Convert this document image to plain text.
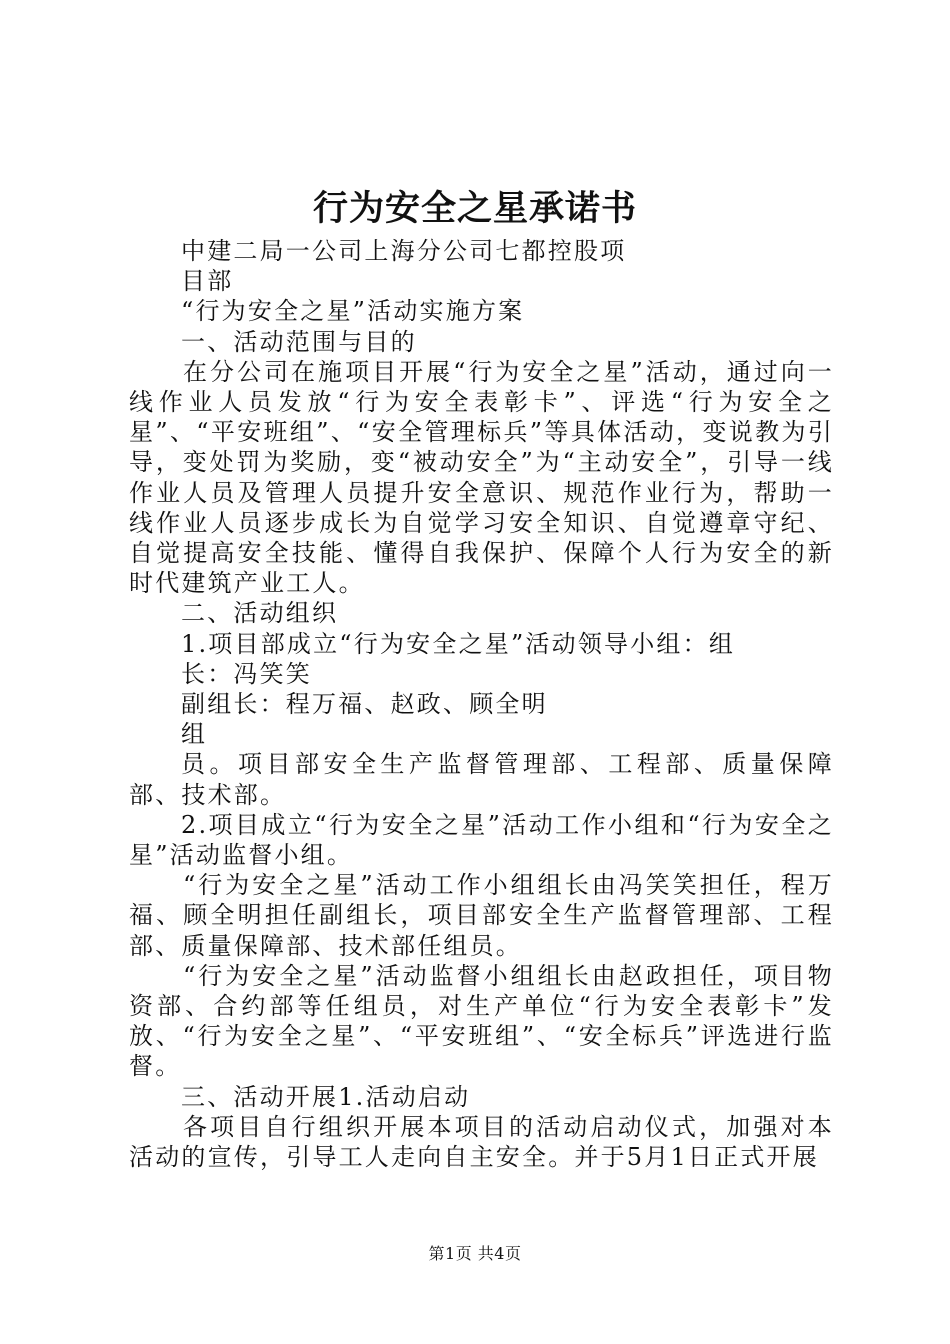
行为安全之星承诺书

中建二局一公司上海分公司七都控股项

目部

“行为安全之星”活动实施方案

一、活动范围与目的

在分公司在施项目开展“行为安全之星”活动，通过向一线作业人员发放“行为安全表彰卡”、评选“行为安全之星”、“平安班组”、“安全管理标兵”等具体活动，变说教为引导，变处罚为奖励，变“被动安全”为“主动安全”，引导一线作业人员及管理人员提升安全意识、规范作业行为，帮助一线作业人员逐步成长为自觉学习安全知识、自觉遵章守纪、自觉提高安全技能、懂得自我保护、保障个人行为安全的新时代建筑产业工人。

二、活动组织

1.项目部成立“行为安全之星”活动领导小组：组

长：冯笑笑

副组长：程万福、赵政、顾全明

组

员。项目部安全生产监督管理部、工程部、质量保障部、技术部。

2.项目成立“行为安全之星”活动工作小组和“行为安全之星”活动监督小组。

“行为安全之星”活动工作小组组长由冯笑笑担任，程万福、顾全明担任副组长，项目部安全生产监督管理部、工程部、质量保障部、技术部任组员。

“行为安全之星”活动监督小组组长由赵政担任，项目物资部、合约部等任组员，对生产单位“行为安全表彰卡”发放、“行为安全之星”、“平安班组”、“安全标兵”评选进行监督。

三、活动开展1.活动启动

各项目自行组织开展本项目的活动启动仪式，加强对本活动的宣传，引导工人走向自主安全。并于5月1日正式开展

第1页 共4页
